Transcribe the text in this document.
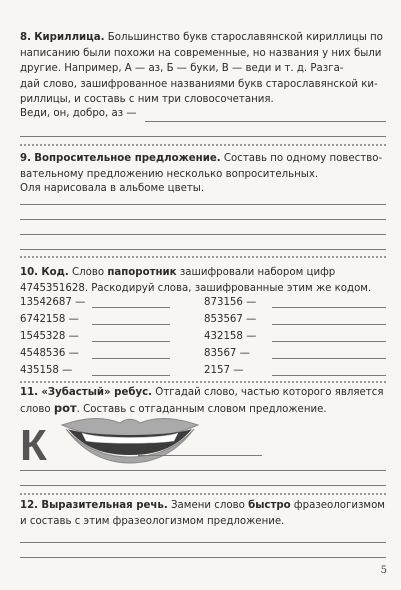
8. Кириллица. Большинство букв старославянской кириллицы по

написанию были похожи на современные, но названия у них были

другие. Например, А — аз, Б — буки, В — веди и т. д. Разга-

дай слово, зашифрованное названиями букв старославянской ки-

риллицы, и составь с ним три словосочетания.

Веди, он, добро, аз —

9. Вопросительное предложение. Составь по одному повество-

вательному предложению несколько вопросительных.

Оля нарисовала в альбоме цветы.

10. Код. Слово папоротник зашифровали набором цифр

4745351628. Раскодируй слова, зашифрованные этим же кодом.

13542687 —
6742158 —
1545328 —
4548536 —
435158 —
873156 —
853567 —
432158 —
83567 —
2157 —

11. «Зубастый» ребус. Отгадай слово, частью которого является

слово рот. Составь с отгаданным словом предложение.

К

12. Выразительная речь. Замени слово быстро фразеологизмом

и составь с этим фразеологизмом предложение.

5
